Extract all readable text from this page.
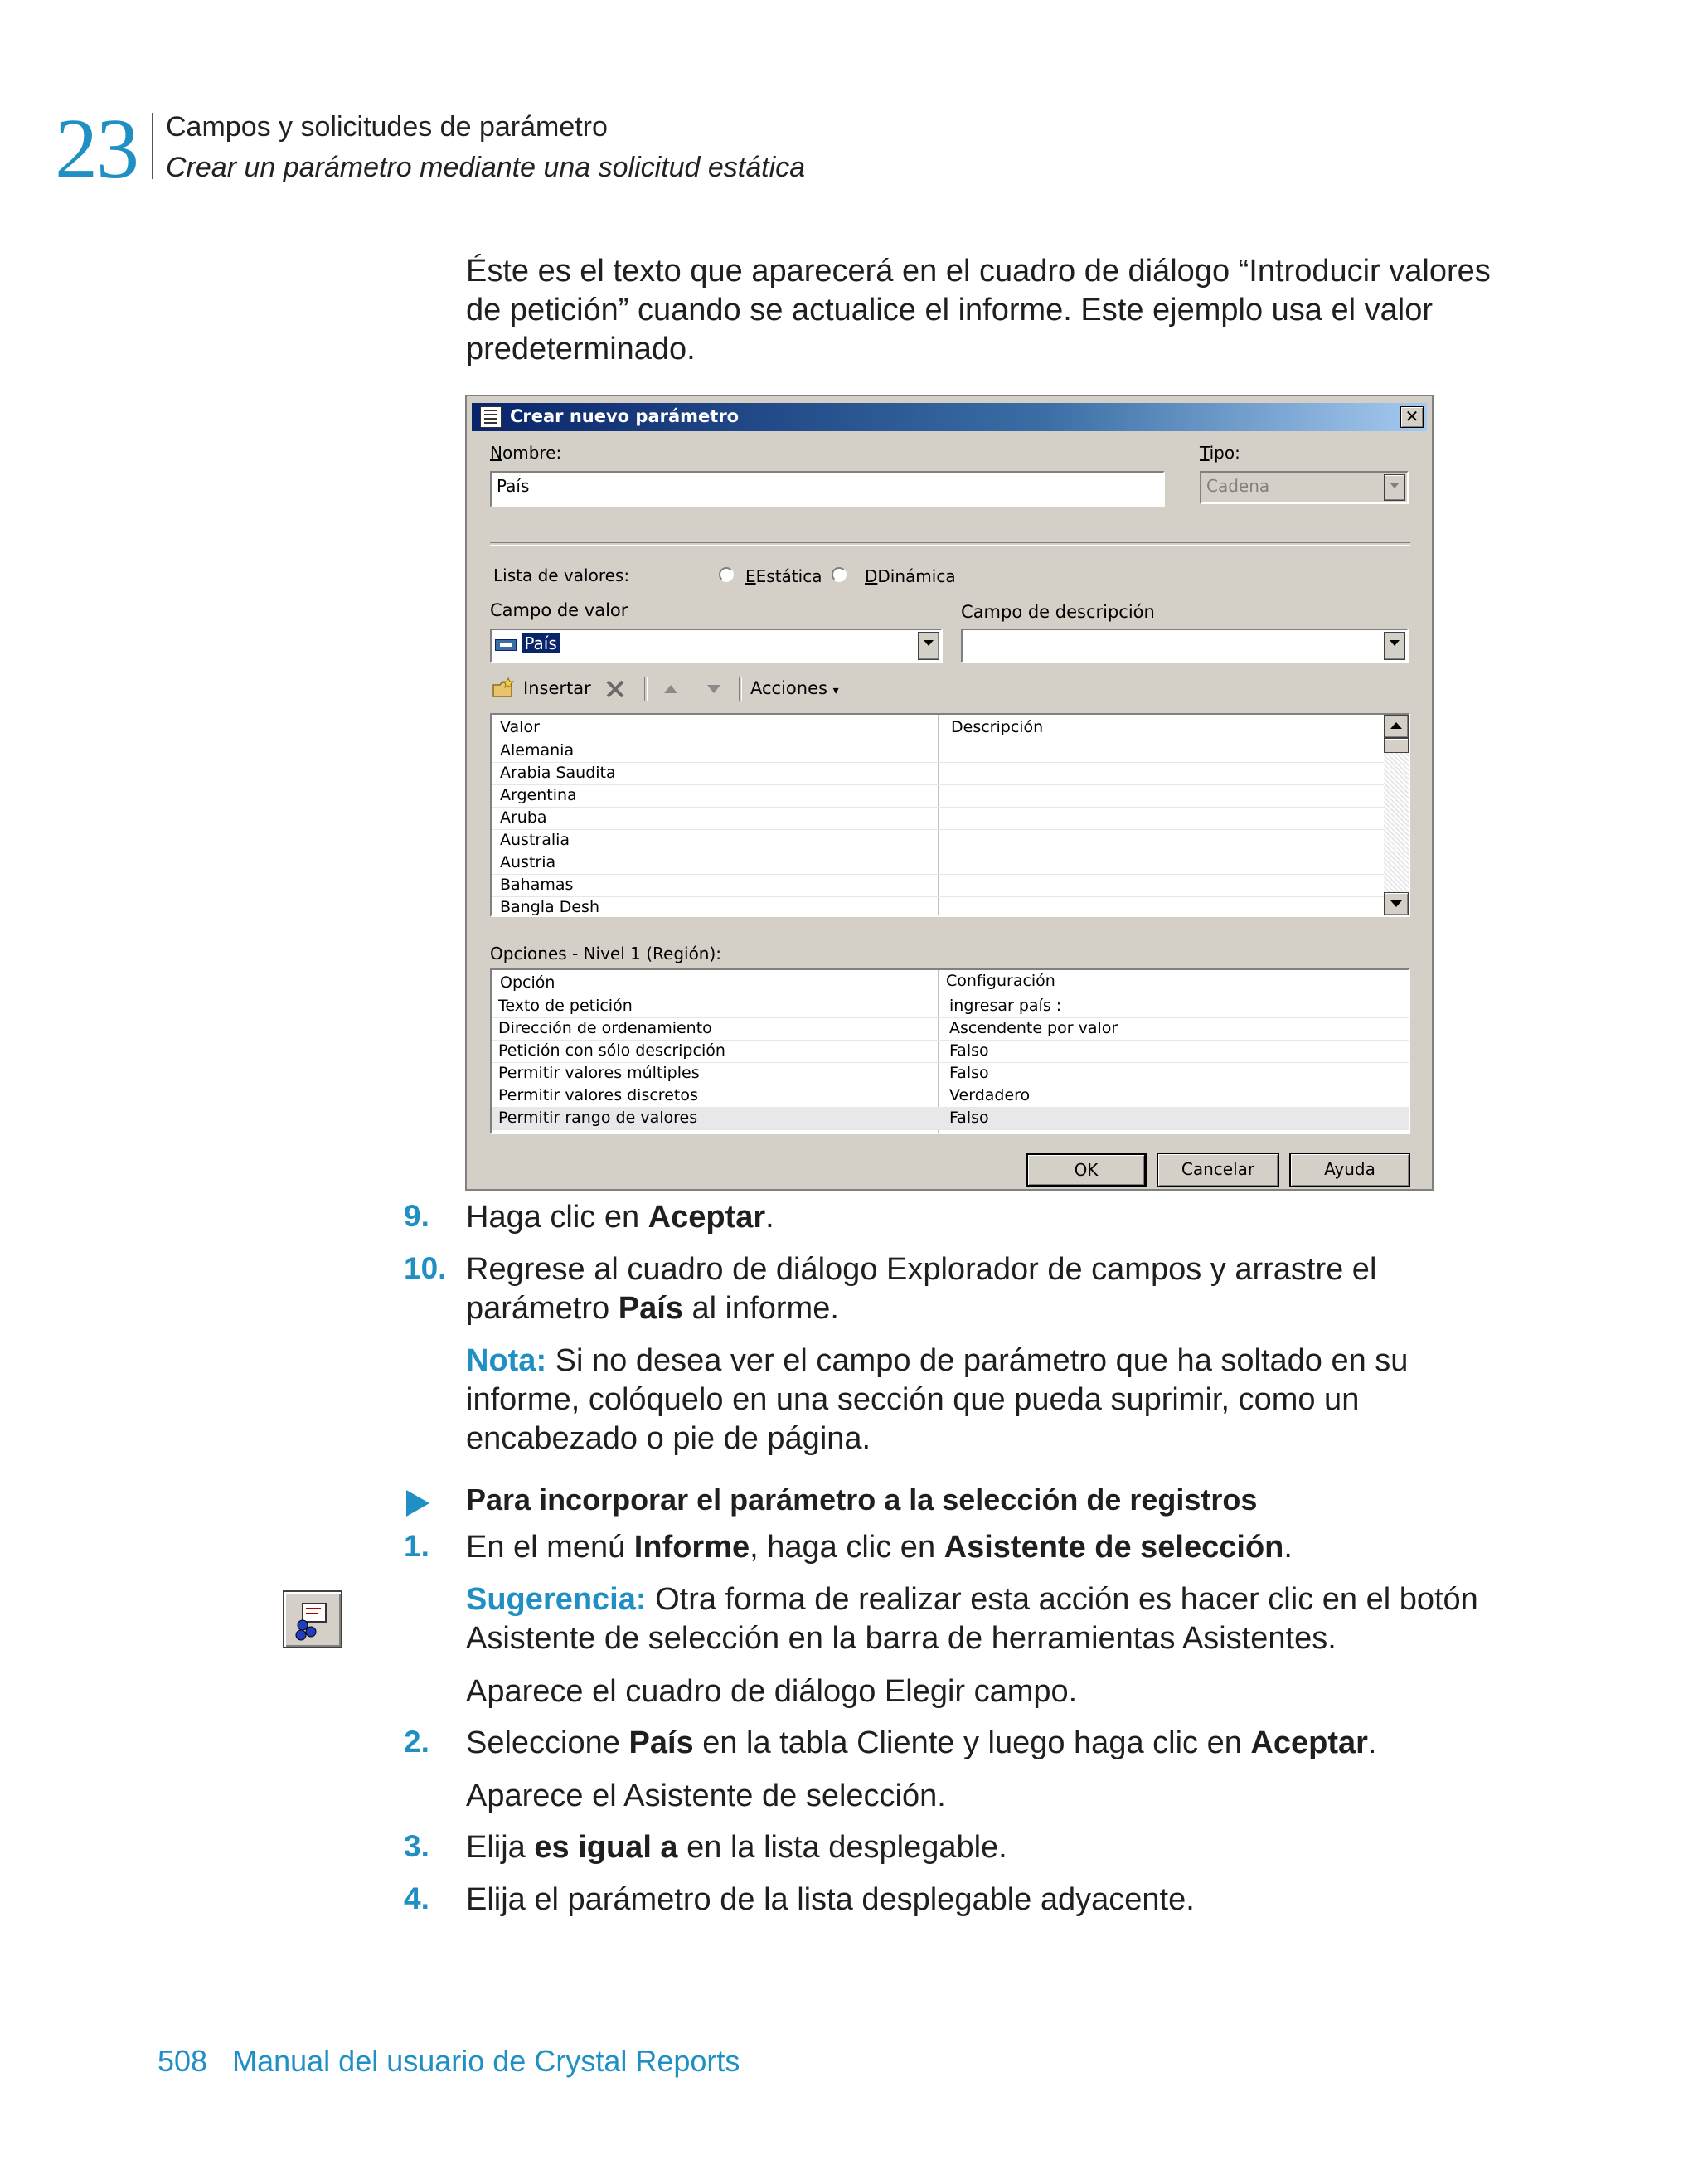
23 Campos y solicitudes de parámetro
Crear un parámetro mediante una solicitud estática
Éste es el texto que aparecerá en el cuadro de diálogo “Introducir valores
de petición” cuando se actualice el informe. Este ejemplo usa el valor
predeterminado.
Crear nuevo parámetro	✕
Nombre:
País
Tipo:
Cadena
Lista de valores:	EEstática	DDinámica
Campo de valor
País
Campo de descripción
Insertar	Acciones ▾
Valor	Descripción
Alemania
Arabia Saudita
Argentina
Aruba
Australia
Austria
Bahamas
Bangla Desh
Opciones - Nivel 1 (Región):
Opción	Configuración
Texto de petición	ingresar país :
Dirección de ordenamiento	Ascendente por valor
Petición con sólo descripción	Falso
Permitir valores múltiples	Falso
Permitir valores discretos	Verdadero
Permitir rango de valores	Falso
OK	Cancelar	Ayuda
9. Haga clic en Aceptar.
10. Regrese al cuadro de diálogo Explorador de campos y arrastre el
parámetro País al informe.
Nota: Si no desea ver el campo de parámetro que ha soltado en su
informe, colóquelo en una sección que pueda suprimir, como un
encabezado o pie de página.
Para incorporar el parámetro a la selección de registros
1. En el menú Informe, haga clic en Asistente de selección.
Sugerencia: Otra forma de realizar esta acción es hacer clic en el botón
Asistente de selección en la barra de herramientas Asistentes.
Aparece el cuadro de diálogo Elegir campo.
2. Seleccione País en la tabla Cliente y luego haga clic en Aceptar.
Aparece el Asistente de selección.
3. Elija es igual a en la lista desplegable.
4. Elija el parámetro de la lista desplegable adyacente.
508 Manual del usuario de Crystal Reports
